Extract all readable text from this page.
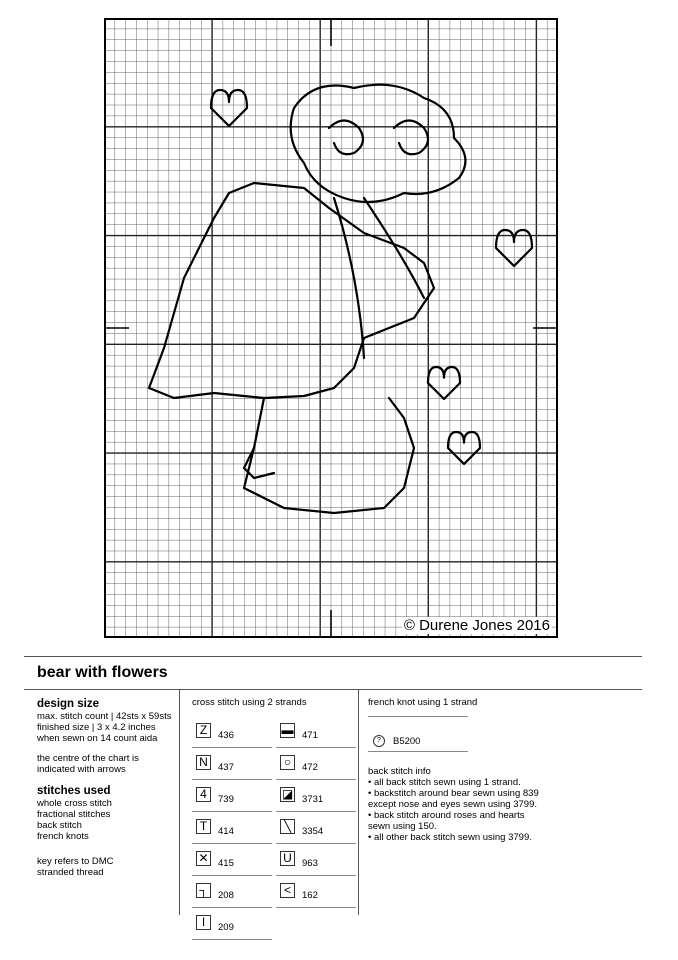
© Durene Jones 2016
bear with flowers
design size

max. stitch count | 42sts x 59sts

finished size | 3 x 4.2 inches

when sewn on 14 count aida

the centre of the chart is

indicated with arrows

stitches used

whole cross stitch

fractional stitches

back stitch

french knots

key refers to DMC

stranded thread

cross stitch using 2 strands

Z	436	▬ 471
N	437	○	472
4	739	◪ 3731
T	414	╲	3354
✕ 415	U	963
┐	208	<	162
I	209

french knot using 1 strand

?	B5200

back stitch info

• all back stitch sewn using 1 strand.
• backstitch around bear sewn using 839
except nose and eyes sewn using 3799.
• back stitch around roses and hearts
sewn using 150.
• all other back stitch sewn using 3799.
